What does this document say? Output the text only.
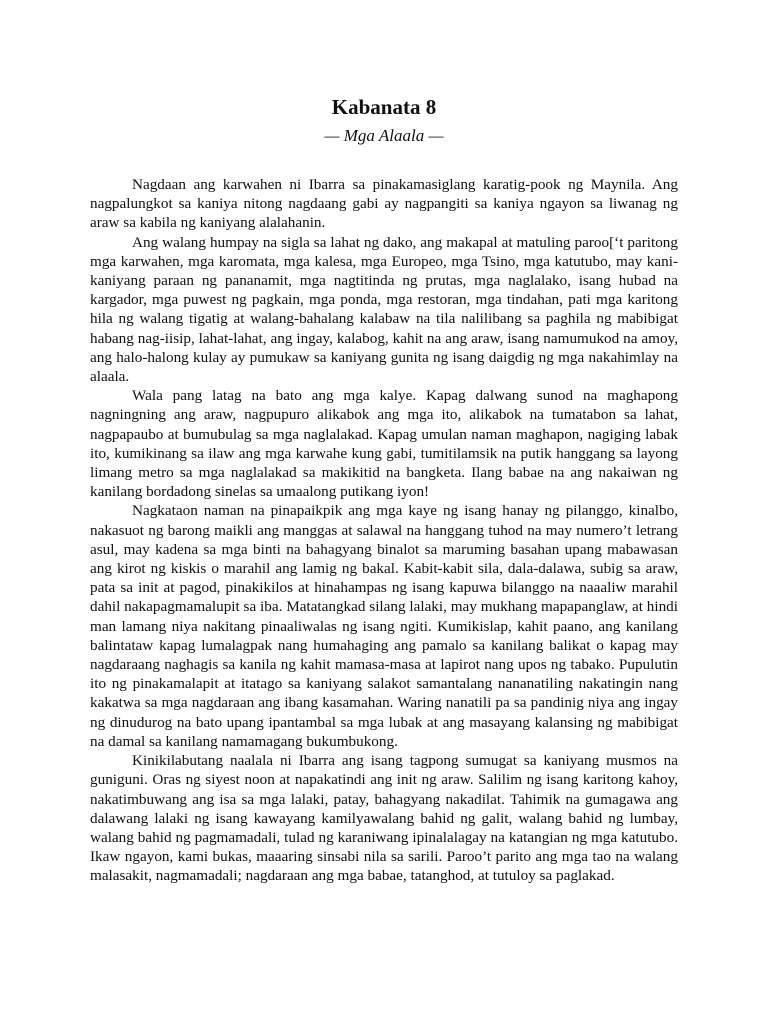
Kabanata 8
— Mga Alaala —

Nagdaan ang karwahen ni Ibarra sa pinakamasiglang karatig-pook ng Maynila. Ang nagpalungkot sa kaniya nitong nagdaang gabi ay nagpangiti sa kaniya ngayon sa liwanag ng araw sa kabila ng kaniyang alalahanin.

Ang walang humpay na sigla sa lahat ng dako, ang makapal at matuling paroo[‘t paritong mga karwahen, mga karomata, mga kalesa, mga Europeo, mga Tsino, mga katutubo, may kani-kaniyang paraan ng pananamit, mga nagtitinda ng prutas, mga naglalako, isang hubad na kargador, mga puwest ng pagkain, mga ponda, mga restoran, mga tindahan, pati mga karitong hila ng walang tigatig at walang-bahalang kalabaw na tila nalilibang sa paghila ng mabibigat habang nag-iisip, lahat-lahat, ang ingay, kalabog, kahit na ang araw, isang namumukod na amoy, ang halo-halong kulay ay pumukaw sa kaniyang gunita ng isang daigdig ng mga nakahimlay na alaala.

Wala pang latag na bato ang mga kalye. Kapag dalwang sunod na maghapong nagningning ang araw, nagpupuro alikabok ang mga ito, alikabok na tumatabon sa lahat, nagpapaubo at bumubulag sa mga naglalakad. Kapag umulan naman maghapon, nagiging labak ito, kumikinang sa ilaw ang mga karwahe kung gabi, tumitilamsik na putik hanggang sa layong limang metro sa mga naglalakad sa makikitid na bangketa. Ilang babae na ang nakaiwan ng kanilang bordadong sinelas sa umaalong putikang iyon!

Nagkataon naman na pinapaikpik ang mga kaye ng isang hanay ng pilanggo, kinalbo, nakasuot ng barong maikli ang manggas at salawal na hanggang tuhod na may numero’t letrang asul, may kadena sa mga binti na bahagyang binalot sa maruming basahan upang mabawasan ang kirot ng kiskis o marahil ang lamig ng bakal. Kabit-kabit sila, dala-dalawa, subig sa araw, pata sa init at pagod, pinakikilos at hinahampas ng isang kapuwa bilanggo na naaaliw marahil dahil nakapagmamalupit sa iba. Matatangkad silang lalaki, may mukhang mapapanglaw, at hindi man lamang niya nakitang pinaaliwalas ng isang ngiti. Kumikislap, kahit paano, ang kanilang balintataw kapag lumalagpak nang humahaging ang pamalo sa kanilang balikat o kapag may nagdaraang naghagis sa kanila ng kahit mamasa-masa at lapirot nang upos ng tabako. Pupulutin ito ng pinakamalapit at itatago sa kaniyang salakot samantalang nananatiling nakatingin nang kakatwa sa mga nagdaraan ang ibang kasamahan. Waring nanatili pa sa pandinig niya ang ingay ng dinudurog na bato upang ipantambal sa mga lubak at ang masayang kalansing ng mabibigat na damal sa kanilang namamagang bukumbukong.

Kinikilabutang naalala ni Ibarra ang isang tagpong sumugat sa kaniyang musmos na guniguni. Oras ng siyest noon at napakatindi ang init ng araw. Salilim ng isang karitong kahoy, nakatimbuwang ang isa sa mga lalaki, patay, bahagyang nakadilat. Tahimik na gumagawa ang dalawang lalaki ng isang kawayang kamilyawalang bahid ng galit, walang bahid ng lumbay, walang bahid ng pagmamadali, tulad ng karaniwang ipinalalagay na katangian ng mga katutubo. Ikaw ngayon, kami bukas, maaaring sinsabi nila sa sarili. Paroo’t parito ang mga tao na walang malasakit, nagmamadali; nagdaraan ang mga babae, tatanghod, at tutuloy sa paglakad.
